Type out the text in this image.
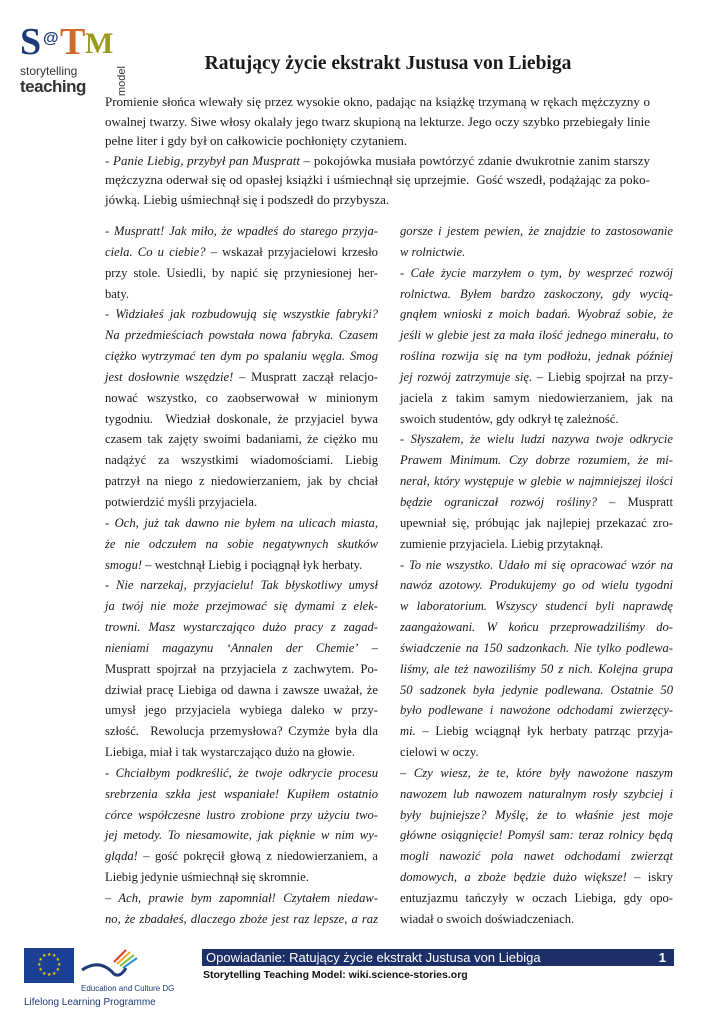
S @ T M
storytelling
teaching	model
Ratujący życie ekstrakt Justusa von Liebiga
Promienie słońca wlewały się przez wysokie okno, padając na książkę trzymaną w rękach mężczyzny o
owalnej twarzy. Siwe włosy okalały jego twarz skupioną na lekturze. Jego oczy szybko przebiegały linie
pełne liter i gdy był on całkowicie pochłonięty czytaniem.
- Panie Liebig, przybył pan Muspratt – pokojówka musiała powtórzyć zdanie dwukrotnie zanim starszy
mężczyzna oderwał się od opasłej książki i uśmiechnął się uprzejmie.  Gość wszedł, podążając za poko-
jówką. Liebig uśmiechnął się i podszedł do przybysza.
- Muspratt! Jak miło, że wpadłeś do starego przyja-
ciela. Co u ciebie? – wskazał przyjacielowi krzesło
przy stole. Usiedli, by napić się przyniesionej her-
baty.
- Widziałeś jak rozbudowują się wszystkie fabryki?
Na przedmieściach powstała nowa fabryka. Czasem
ciężko wytrzymać ten dym po spalaniu węgla. Smog
jest dosłownie wszędzie! – Muspratt zaczął relacjo-
nować wszystko, co zaobserwował w minionym
tygodniu.  Wiedział doskonale, że przyjaciel bywa
czasem tak zajęty swoimi badaniami, że ciężko mu
nadążyć za wszystkimi wiadomościami. Liebig
patrzył na niego z niedowierzaniem, jak by chciał
potwierdzić myśli przyjaciela.
- Och, już tak dawno nie byłem na ulicach miasta,
że nie odczułem na sobie negatywnych skutków
smogu! – westchnął Liebig i pociągnął łyk herbaty.
- Nie narzekaj, przyjacielu! Tak błyskotliwy umysł
ja twój nie może przejmować się dymami z elek-
trowni. Masz wystarczająco dużo pracy z zagad-
nieniami magazynu ‘Annalen der Chemie’ –
Muspratt spojrzał na przyjaciela z zachwytem. Po-
dziwiał pracę Liebiga od dawna i zawsze uważał, że
umysł jego przyjaciela wybiega daleko w przy-
szłość.  Rewolucja przemysłowa? Czymże była dla
Liebiga, miał i tak wystarczająco dużo na głowie.
- Chciałbym podkreślić, że twoje odkrycie procesu
srebrzenia szkła jest wspaniałe! Kupiłem ostatnio
córce współczesne lustro zrobione przy użyciu two-
jej metody. To niesamowite, jak pięknie w nim wy-
gląda! – gość pokręcił głową z niedowierzaniem, a
Liebig jedynie uśmiechnął się skromnie.
– Ach, prawie bym zapomniał! Czytałem niedaw-
no, że zbadałeś, dlaczego zboże jest raz lepsze, a raz
gorsze i jestem pewien, że znajdzie to zastosowanie
w rolnictwie.
- Całe życie marzyłem o tym, by wesprzeć rozwój
rolnictwa. Byłem bardzo zaskoczony, gdy wycią-
gnąłem wnioski z moich badań. Wyobraź sobie, że
jeśli w glebie jest za mała ilość jednego minerału, to
roślina rozwija się na tym podłożu, jednak później
jej rozwój zatrzymuje się. – Liebig spojrzał na przy-
jaciela z takim samym niedowierzaniem, jak na
swoich studentów, gdy odkrył tę zależność.
- Słyszałem, że wielu ludzi nazywa twoje odkrycie
Prawem Minimum. Czy dobrze rozumiem, że mi-
nerał, który występuje w glebie w najmniejszej ilości
będzie ograniczał rozwój rośliny? – Muspratt
upewniał się, próbując jak najlepiej przekazać zro-
zumienie przyjaciela. Liebig przytaknął.
- To nie wszystko. Udało mi się opracować wzór na
nawóz azotowy. Produkujemy go od wielu tygodni
w laboratorium. Wszyscy studenci byli naprawdę
zaangażowani. W końcu przeprowadziliśmy do-
świadczenie na 150 sadzonkach. Nie tylko podlewa-
liśmy, ale też nawoziliśmy 50 z nich. Kolejna grupa
50 sadzonek była jedynie podlewana. Ostatnie 50
było podlewane i nawożone odchodami zwierzęcy-
mi. – Liebig wciągnął łyk herbaty patrząc przyja-
cielowi w oczy.
– Czy wiesz, że te, które były nawożone naszym
nawozem lub nawozem naturalnym rosły szybciej i
były bujniejsze? Myślę, że to właśnie jest moje
główne osiągnięcie! Pomyśl sam: teraz rolnicy będą
mogli nawozić pola nawet odchodami zwierząt
domowych, a zboże będzie dużo większe! – iskry
entuzjazmu tańczyły w oczach Liebiga, gdy opo-
wiadał o swoich doświadczeniach.
★ ★
★
★
★
★
★
★
★
★
★
★
Education and Culture DG
Lifelong Learning Programme
Opowiadanie: Ratujący życie ekstrakt Justusa von Liebiga	1
Storytelling Teaching Model: wiki.science-stories.org
